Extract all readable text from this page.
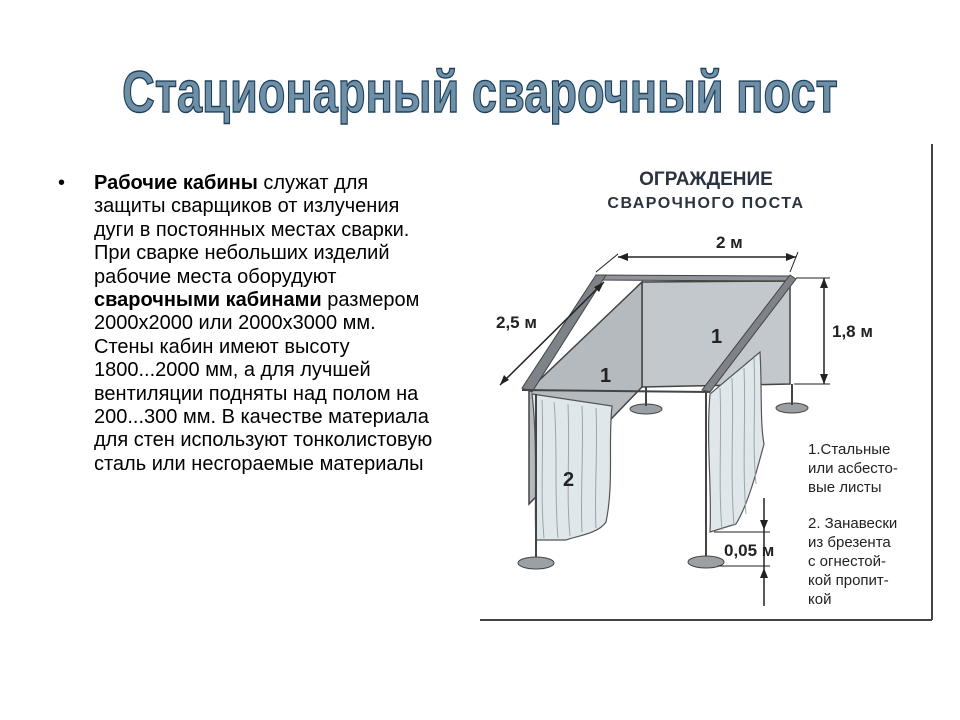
Стационарный сварочный пост
•	Рабочие кабины служат для защиты сварщиков от излучения дуги в постоянных местах сварки.
При сварке небольших изделий рабочие места оборудуют сварочными кабинами размером 2000х2000 или 2000х3000 мм. Стены кабин имеют высоту 1800...2000 мм, а для лучшей вентиляции подняты над полом на 200...300 мм. В качестве материала для стен используют тонколистовую сталь или несгораемые материалы

ОГРАЖДЕНИЕ
СВАРОЧНОГО ПОСТА
1
1
2
2 м
2,5 м	1,8 м
0,05 м
1.Стальные
или асбесто-
вые листы
2. Занавески
из брезента
с огнестой-
кой пропит-
кой
